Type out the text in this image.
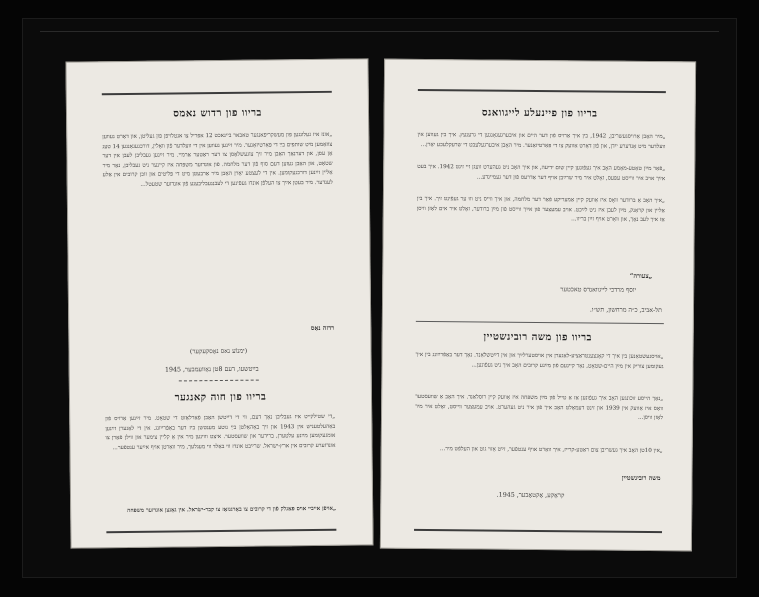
בריוו פון רדוש נאמס
„אונז איז געלונגען פון מעשקריפאנגער טאבאר ביינאכט 12 אפריל צו אנטלויפן פון געליטן, און דאָרט געווען צוזאַמען מיט שותפים בײַ די פּאַרטיזאַנער. מיר זײַנען געווען אין די וועלדער פֿון וואָלין, דורכגעגאַנגען 14 טעג אָן עסן, און דערנאָך האָבן מיר זיך צוגעשלאָסן צו דער ראָטער אַרמיי. מיר זײַנען געבליבן לעבן אין דער שטאָט, און האָבן געזען דעם סוף פֿון דער מלחמה. פֿון אונדזער משפּחה איז קיינער ניט געבליבן, נאָר מיר אַליין זײַנען דורכגעקומען. אין די לעצטע יאָרן האָבן מיר אַרבעטן מיט די פּליטים און זוכן קרובים אין אַלע לענדער. מיר בעטן אײַך צו העלפֿן אונדז געפֿינען די לעבנגעבליבענע פֿון אונדזער שטעטל...
רדזה נאַס
(ימנוֿע נאס נאָסקעקער)
בײַטשעו, דעם 8טן נאָוועמבער, 1945
בריוו פון חוה קאנגער
„די שטילקייט איז געבליבן נאָך דעם, ווי די דײַטשן האָבן פֿאַרלאָזט די שטאָט. מיר זײַנען אַרויס פֿון באַהעלטעניש אין 1943 און זיך באַהאַלטן בײַ גוטע מענטשן ביז דער באַפֿרײַונג. אין די לאַגערן זײַנען אומגעקומען מײַנע עלטערן, ברידער און שוועסטער. איצט וווינען מיר אין אַ קליין צימער און ווילן פֿאָרן צו אונדזערע קרובים אין ארץ-ישראל. שרײַבט אונדז ווי באַלד ווי מעגלעך, מיר וואַרטן אויף אײַער ענטפֿער...
„אױפֿן אײבײ אױס פּאַגלק פֿון די קרובים צו באַרגנזאַז צו קבר-ישׂראל. אין גאַנצן אונדזער משפּחה
בריוו פון פיינעלע לייגוואנס
„מיר האָבן אַרויסגעשריבן, 1942, בין איך אַרויס פֿון דער היים און איבערגעגאַנגען די גרענעץ. איך בין געווען אין וועלדער מיט אַנדערע ייִדן, און פֿון דאָרט אַוועק צו די פּאַרטיזאַנער. מיר האָבן איבערגעלעבט די שרעקלעכע יאָרן...
„פֿאַר מײַן טאַטע-מאַמע האָב איך געפֿונען קיין שום ידיעה, און איך האָב ניט געהערט וועגן זיי זינט 1942. איך בעט אײַך אויב איר ווייסט עפּעס, זאָלט איר מיר שרײַבן אויף דער אַדרעס פֿון דער געמיינדע...
„איך האָב אַ ברודער וואָס איז אַוועק קיין אַמעריקע פֿאַר דער מלחמה, און איך ווייס ניט וווּ ער געפֿינט זיך. איך בין אַליין און קראַנק, מײַן לעבן איז ניט לײַכט. אויב עמעצער פֿון אײַך ווייסט פֿון מײַן ברודער, זאָלט איר אים לאָזן וויסן אַז איך לעב נאָך, און וואַרט אויף זײַן בריוו...
„צעורה“
יוסף מרדכי לייגוואנדס טאכטער
תל-אביב, כ״ה מרחשון, תש״ו.
בריוו פון משה רובינשטיין
„אויסגעשטאַנען בין איך די קאָנצענטראַציע-לאַגערן אין אויסטערלײַך און אין דײַטשלאַנד. נאָך דער באַפֿרײַונג בין איך געקומען צוריק אין מײַן היים-שטאָט, נאָר קיינעם פֿון מײַנע קרובים האָב איך ניט געפֿונען...
„נאָך הייסע זוכונגען האָב איך געפֿונען אַז אַ טייל פֿון מײַן משפּחה איז אַוועק קיין רוסלאַנד. איך האָב אַ שוועסטער וואָס איז אַוועק אין 1939 און זינט דעמאָלט האָב איך פֿון איר ניט געהערט. אויב עמעצער ווייסט, זאָלט איר מיר לאָזן וויסן...
„אין 10טן האָב איך געשריבן צום ראַטע-קרייז, איך וואַרט אויף ענטפֿער, זײַט אַזוי גוט און העלפֿט מיר...
משה רובינשטיין
קראָקע, אָקטאָבער, 1945.
